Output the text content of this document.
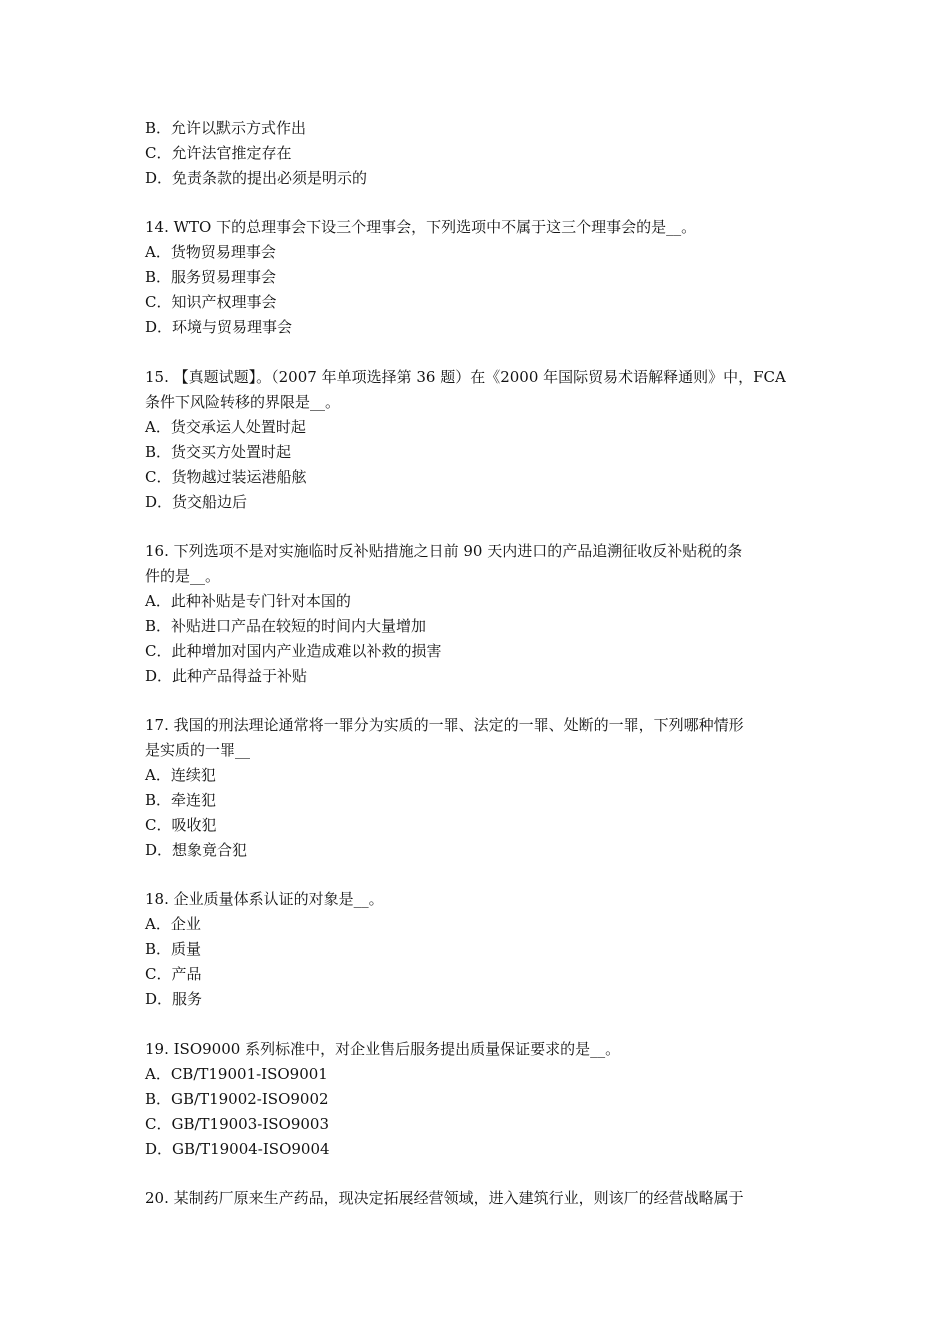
B．允许以默示方式作出
C．允许法官推定存在
D．免责条款的提出必须是明示的
14. WTO 下的总理事会下设三个理事会，下列选项中不属于这三个理事会的是__。
A．货物贸易理事会
B．服务贸易理事会
C．知识产权理事会
D．环境与贸易理事会
15. 【真题试题】。（2007 年单项选择第 36 题）在《2000 年国际贸易术语解释通则》中，FCA
条件下风险转移的界限是__。
A．货交承运人处置时起
B．货交买方处置时起
C．货物越过装运港船舷
D．货交船边后
16. 下列选项不是对实施临时反补贴措施之日前 90 天内进口的产品追溯征收反补贴税的条
件的是__。
A．此种补贴是专门针对本国的
B．补贴进口产品在较短的时间内大量增加
C．此种增加对国内产业造成难以补救的损害
D．此种产品得益于补贴
17. 我国的刑法理论通常将一罪分为实质的一罪、法定的一罪、处断的一罪，下列哪种情形
是实质的一罪__
A．连续犯
B．牵连犯
C．吸收犯
D．想象竟合犯
18. 企业质量体系认证的对象是__。
A．企业
B．质量
C．产品
D．服务
19. ISO9000 系列标准中，对企业售后服务提出质量保证要求的是__。
A．CB/T19001-ISO9001
B．GB/T19002-ISO9002
C．GB/T19003-ISO9003
D．GB/T19004-ISO9004
20. 某制药厂原来生产药品，现决定拓展经营领域，进入建筑行业，则该厂的经营战略属于
